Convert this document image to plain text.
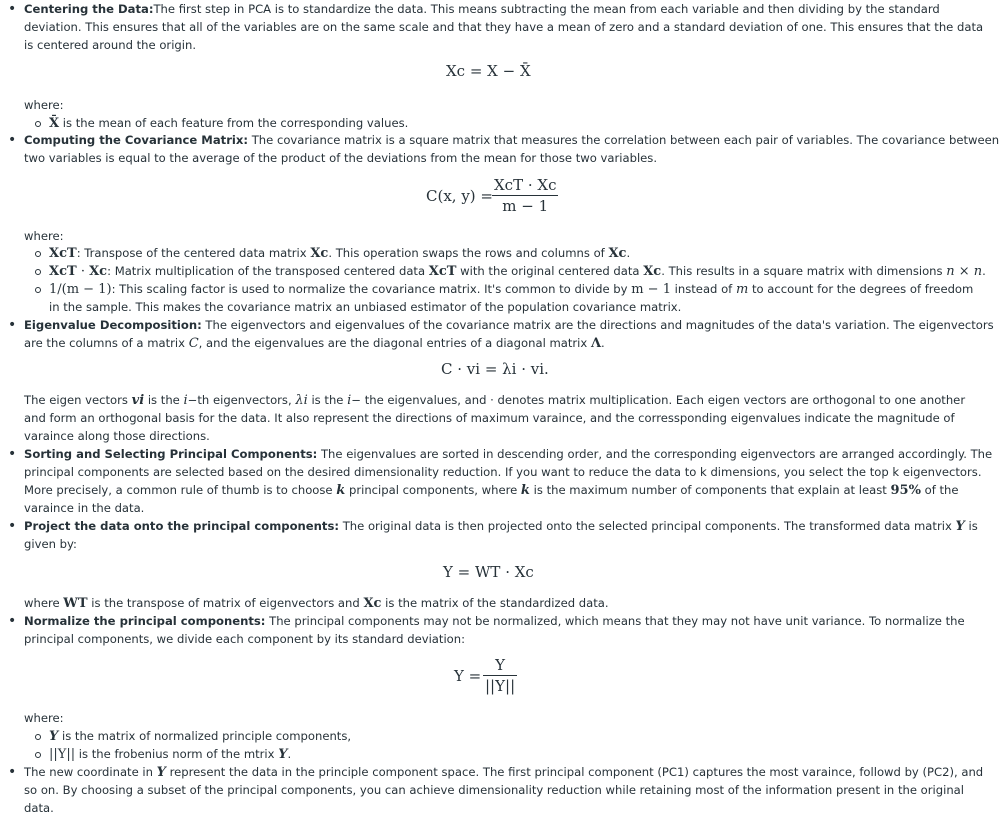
• Centering the Data:The first step in PCA is to standardize the data. This means subtracting the mean from each variable and then dividing by the standard
deviation. This ensures that all of the variables are on the same scale and that they have a mean of zero and a standard deviation of one. This ensures that the data
is centered around the origin.
Xc = X − X̄
where:
X̄ is the mean of each feature from the corresponding values.
• Computing the Covariance Matrix: The covariance matrix is a square matrix that measures the correlation between each pair of variables. The covariance between
two variables is equal to the average of the product of the deviations from the mean for those two variables.
C(x, y) =
XcT · Xc
m − 1
where:
XcT: Transpose of the centered data matrix Xc. This operation swaps the rows and columns of Xc.
XcT · Xc: Matrix multiplication of the transposed centered data XcT with the original centered data Xc. This results in a square matrix with dimensions n × n.
1/(m − 1): This scaling factor is used to normalize the covariance matrix. It's common to divide by m − 1 instead of m to account for the degrees of freedom
in the sample. This makes the covariance matrix an unbiased estimator of the population covariance matrix.
• Eigenvalue Decomposition: The eigenvectors and eigenvalues of the covariance matrix are the directions and magnitudes of the data's variation. The eigenvectors
are the columns of a matrix C, and the eigenvalues are the diagonal entries of a diagonal matrix Λ.
C · vi = λi · vi.
The eigen vectors vi is the i−th eigenvectors, λi is the i− the eigenvalues, and · denotes matrix multiplication. Each eigen vectors are orthogonal to one another
and form an orthogonal basis for the data. It also represent the directions of maximum varaince, and the corressponding eigenvalues indicate the magnitude of
varaince along those directions.
• Sorting and Selecting Principal Components: The eigenvalues are sorted in descending order, and the corresponding eigenvectors are arranged accordingly. The
principal components are selected based on the desired dimensionality reduction. If you want to reduce the data to k dimensions, you select the top k eigenvectors.
More precisely, a common rule of thumb is to choose k principal components, where k is the maximum number of components that explain at least 95% of the
varaince in the data.
• Project the data onto the principal components: The original data is then projected onto the selected principal components. The transformed data matrix Y is
given by:
Y = WT · Xc
where WT is the transpose of matrix of eigenvectors and Xc is the matrix of the standardized data.
• Normalize the principal components: The principal components may not be normalized, which means that they may not have unit variance. To normalize the
principal components, we divide each component by its standard deviation:
Y =
Y
||Y||
where:
Y is the matrix of normalized principle components,
||Y|| is the frobenius norm of the mtrix Y.
• The new coordinate in Y represent the data in the principle component space. The first principal component (PC1) captures the most varaince, followd by (PC2), and
so on. By choosing a subset of the principal components, you can achieve dimensionality reduction while retaining most of the information present in the original
data.
